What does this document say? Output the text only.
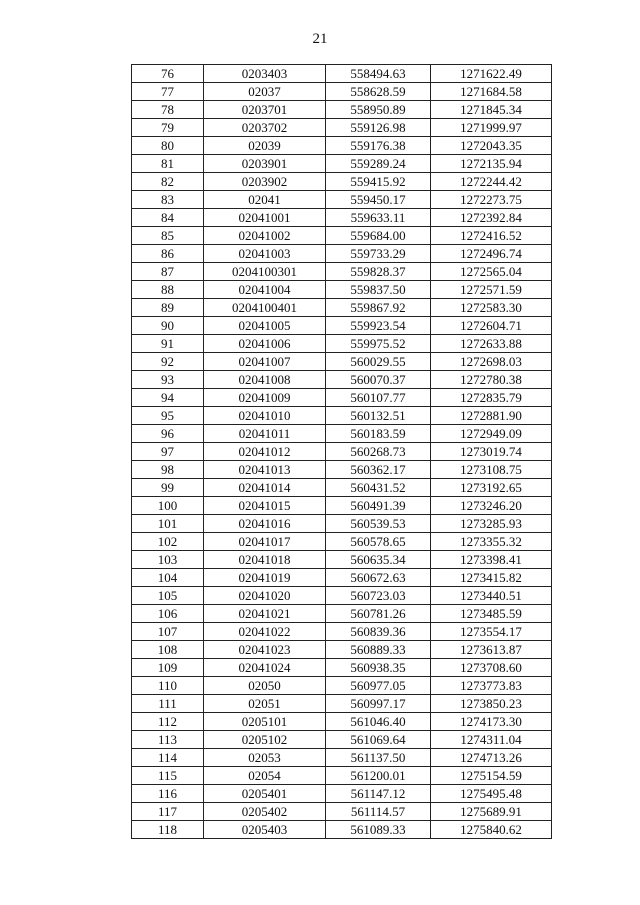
21
76	0203403	558494.63	1271622.49
77	02037	558628.59	1271684.58
78	0203701	558950.89	1271845.34
79	0203702	559126.98	1271999.97
80	02039	559176.38	1272043.35
81	0203901	559289.24	1272135.94
82	0203902	559415.92	1272244.42
83	02041	559450.17	1272273.75
84	02041001	559633.11	1272392.84
85	02041002	559684.00	1272416.52
86	02041003	559733.29	1272496.74
87	0204100301	559828.37	1272565.04
88	02041004	559837.50	1272571.59
89	0204100401	559867.92	1272583.30
90	02041005	559923.54	1272604.71
91	02041006	559975.52	1272633.88
92	02041007	560029.55	1272698.03
93	02041008	560070.37	1272780.38
94	02041009	560107.77	1272835.79
95	02041010	560132.51	1272881.90
96	02041011	560183.59	1272949.09
97	02041012	560268.73	1273019.74
98	02041013	560362.17	1273108.75
99	02041014	560431.52	1273192.65
100	02041015	560491.39	1273246.20
101	02041016	560539.53	1273285.93
102	02041017	560578.65	1273355.32
103	02041018	560635.34	1273398.41
104	02041019	560672.63	1273415.82
105	02041020	560723.03	1273440.51
106	02041021	560781.26	1273485.59
107	02041022	560839.36	1273554.17
108	02041023	560889.33	1273613.87
109	02041024	560938.35	1273708.60
110	02050	560977.05	1273773.83
111	02051	560997.17	1273850.23
112	0205101	561046.40	1274173.30
113	0205102	561069.64	1274311.04
114	02053	561137.50	1274713.26
115	02054	561200.01	1275154.59
116	0205401	561147.12	1275495.48
117	0205402	561114.57	1275689.91
118	0205403	561089.33	1275840.62
